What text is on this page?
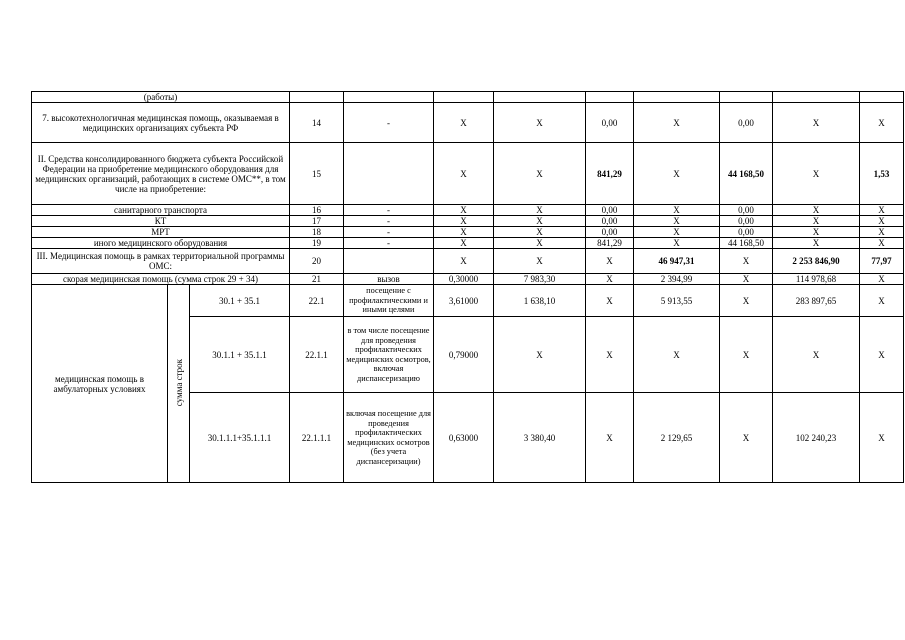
(работы)											
7. высокотехнологичная медицинская помощь, оказываемая в медицинских организациях субъекта РФ			14	-	X	X	0,00	X	0,00	X	X
II. Средства консолидированного бюджета субъекта Российской Федерации на приобретение медицинского оборудования для медицинских организаций, работающих в системе ОМС**, в том числе на приобретение:			15		X	X	841,29	X	44 168,50	X	1,53
санитарного транспорта			16	-	X	X	0,00	X	0,00	X	X
КТ			17	-	X	X	0,00	X	0,00	X	X
МРТ			18	-	X	X	0,00	X	0,00	X	X
иного медицинского оборудования			19	-	X	X	841,29	X	44 168,50	X	X
III. Медицинская помощь в рамках территориальной программы ОМС:			20		X	X	X	46 947,31	X	2 253 846,90	77,97
скорая медицинская помощь (сумма строк 29 + 34)			21	вызов	0,30000	7 983,30	X	2 394,99	X	114 978,68	X
медицинская помощь в амбулаторных условиях	сумма строк	30.1 + 35.1	22.1	посещение с профилактическими и иными целями	3,61000	1 638,10	X	5 913,55	X	283 897,65	X
		30.1.1 + 35.1.1	22.1.1	в том числе посещение для проведения профилактических медицинских осмотров, включая диспансеризацию	0,79000	X	X	X	X	X	X
		30.1.1.1+35.1.1.1	22.1.1.1	включая посещение для проведения профилактических медицинских осмотров (без учета диспансеризации)	0,63000	3 380,40	X	2 129,65	X	102 240,23	X
